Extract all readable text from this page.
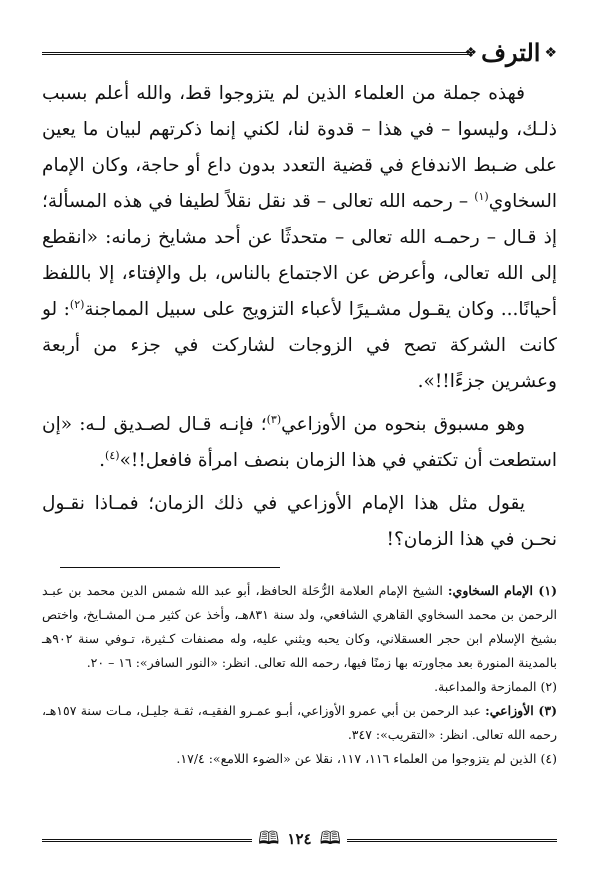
❖
الترف
❖

فهذه جملة من العلماء الذين لم يتزوجوا قط، والله أعلم بسبب ذلـك، وليسوا – في هذا – قدوة لنا، لكني إنما ذكرتهم لبيان ما يعين على ضـبط الاندفاع في قضية التعدد بدون داع أو حاجة، وكان الإمام السخاوي$^{(١)}$ – رحمه الله تعالى – قد نقل نقلاً لطيفا في هذه المسألة؛ إذ قـال – رحمـه الله تعالى – متحدثًا عن أحد مشايخ زمانه: «انقطع إلى الله تعالى، وأعرض عن الاجتماع بالناس، بل والإفتاء، إلا باللفظ أحيانًا... وكان يقـول مشـيرًا لأعباء التزويج على سبيل المماجنة$^{(٢)}$: لو كانت الشركة تصح في الزوجات لشاركت في جزء من أربعة وعشرين جزءًا!!».

وهو مسبوق بنحوه من الأوزاعي$^{(٣)}$؛ فإنـه قـال لصـديق لـه: «إن استطعت أن تكتفي في هذا الزمان بنصف امرأة فافعل!!»$^{(٤)}$.

يقول مثل هذا الإمام الأوزاعي في ذلك الزمان؛ فمـاذا نقـول نحـن في هذا الزمان؟!

(١) الإمام السخاوي: الشيخ الإمام العلامة الرُّحَلة الحافظ، أبو عبد الله شمس الدين محمد بن عبـد الرحمن بن محمد السخاوي القاهري الشافعي، ولد سنة ٨٣١هـ، وأخذ عن كثير مـن المشـايخ، واختص بشيخ الإسلام ابن حجر العسقلاني، وكان يحبه ويثني عليه، وله مصنفات كـثيرة، تـوفي سنة ٩٠٢هـ بالمدينة المنورة بعد مجاورته بها زمنًا فيها، رحمه الله تعالى. انظر: «النور السافر»: ١٦ – ٢٠.

(٢) الممازحة والمداعبة.

(٣) الأوزاعي: عبد الرحمن بن أبي عمرو الأوزاعي، أبـو عمـرو الفقيـه، ثقـة جليـل، مـات سنة ١٥٧هـ، رحمه الله تعالى. انظر: «التقريب»: ٣٤٧.

(٤) الذين لم يتزوجوا من العلماء ١١٦، ١١٧، نقلا عن «الضوء اللامع»: ١٧/٤.

🕮 ١٢٤ 🕮
